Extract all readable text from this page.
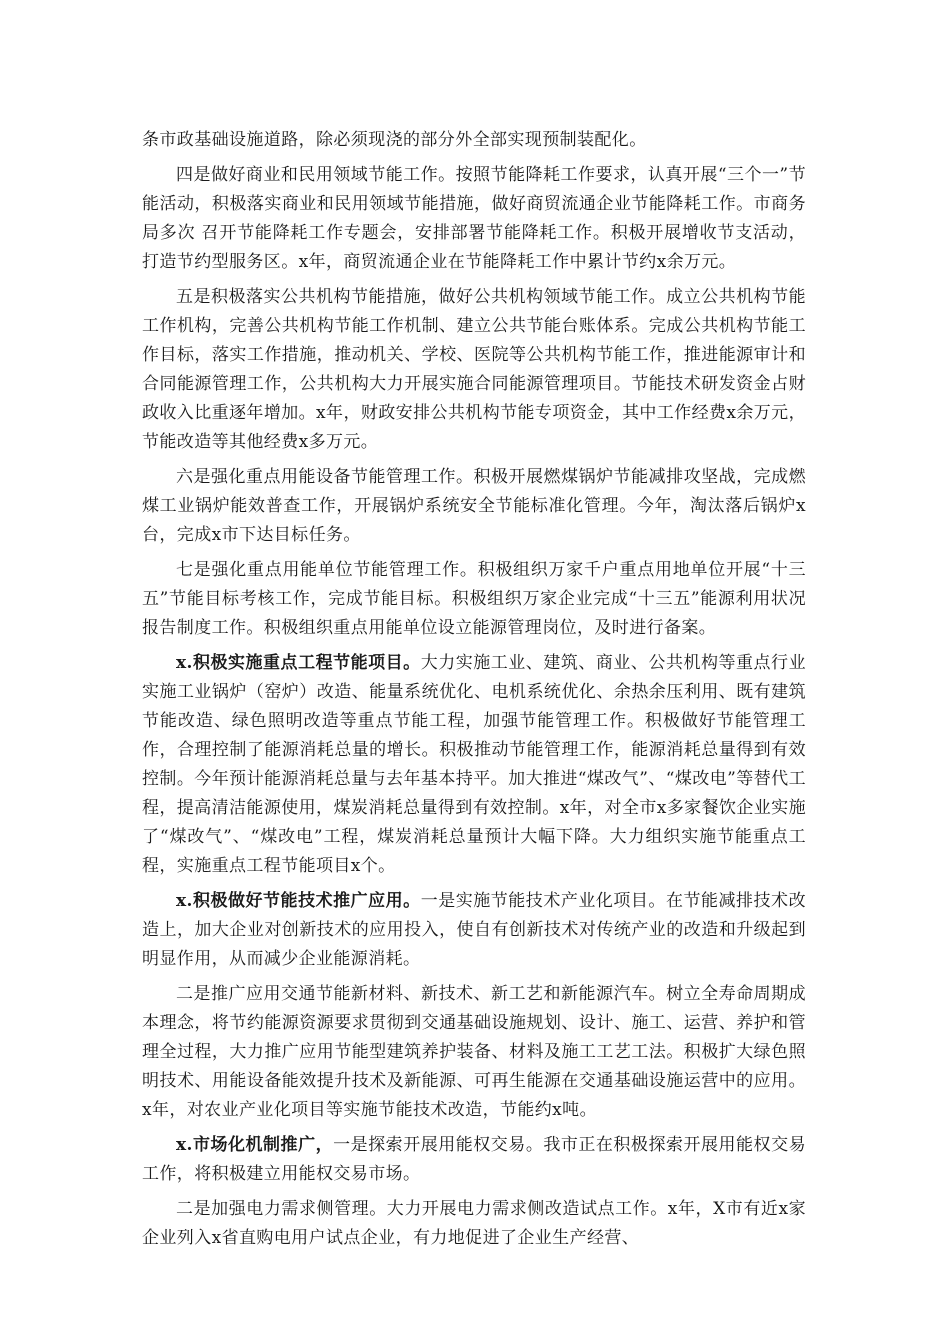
条市政基础设施道路，除必须现浇的部分外全部实现预制装配化。

四是做好商业和民用领域节能工作。按照节能降耗工作要求，认真开展“三个一”节能活动，积极落实商业和民用领域节能措施，做好商贸流通企业节能降耗工作。市商务局多次 召开节能降耗工作专题会，安排部署节能降耗工作。积极开展增收节支活动，打造节约型服务区。x年，商贸流通企业在节能降耗工作中累计节约x余万元。

五是积极落实公共机构节能措施，做好公共机构领域节能工作。成立公共机构节能工作机构，完善公共机构节能工作机制、建立公共节能台账体系。完成公共机构节能工作目标，落实工作措施，推动机关、学校、医院等公共机构节能工作，推进能源审计和合同能源管理工作，公共机构大力开展实施合同能源管理项目。节能技术研发资金占财政收入比重逐年增加。x年，财政安排公共机构节能专项资金，其中工作经费x余万元，节能改造等其他经费x多万元。

六是强化重点用能设备节能管理工作。积极开展燃煤锅炉节能减排攻坚战，完成燃煤工业锅炉能效普查工作，开展锅炉系统安全节能标准化管理。今年，淘汰落后锅炉x台，完成x市下达目标任务。

七是强化重点用能单位节能管理工作。积极组织万家千户重点用地单位开展“十三五”节能目标考核工作，完成节能目标。积极组织万家企业完成“十三五”能源利用状况报告制度工作。积极组织重点用能单位设立能源管理岗位，及时进行备案。

x.积极实施重点工程节能项目。大力实施工业、建筑、商业、公共机构等重点行业实施工业锅炉（窑炉）改造、能量系统优化、电机系统优化、余热余压利用、既有建筑节能改造、绿色照明改造等重点节能工程，加强节能管理工作。积极做好节能管理工作，合理控制了能源消耗总量的增长。积极推动节能管理工作，能源消耗总量得到有效控制。今年预计能源消耗总量与去年基本持平。加大推进“煤改气”、“煤改电”等替代工程，提高清洁能源使用，煤炭消耗总量得到有效控制。x年，对全市x多家餐饮企业实施了“煤改气”、“煤改电”工程，煤炭消耗总量预计大幅下降。大力组织实施节能重点工程，实施重点工程节能项目x个。

x.积极做好节能技术推广应用。一是实施节能技术产业化项目。在节能减排技术改造上，加大企业对创新技术的应用投入，使自有创新技术对传统产业的改造和升级起到明显作用，从而减少企业能源消耗。

二是推广应用交通节能新材料、新技术、新工艺和新能源汽车。树立全寿命周期成本理念，将节约能源资源要求贯彻到交通基础设施规划、设计、施工、运营、养护和管理全过程，大力推广应用节能型建筑养护装备、材料及施工工艺工法。积极扩大绿色照明技术、用能设备能效提升技术及新能源、可再生能源在交通基础设施运营中的应用。x年，对农业产业化项目等实施节能技术改造，节能约x吨。

x.市场化机制推广，一是探索开展用能权交易。我市正在积极探索开展用能权交易工作，将积极建立用能权交易市场。

二是加强电力需求侧管理。大力开展电力需求侧改造试点工作。x年，X市有近x家企业列入x省直购电用户试点企业，有力地促进了企业生产经营、
